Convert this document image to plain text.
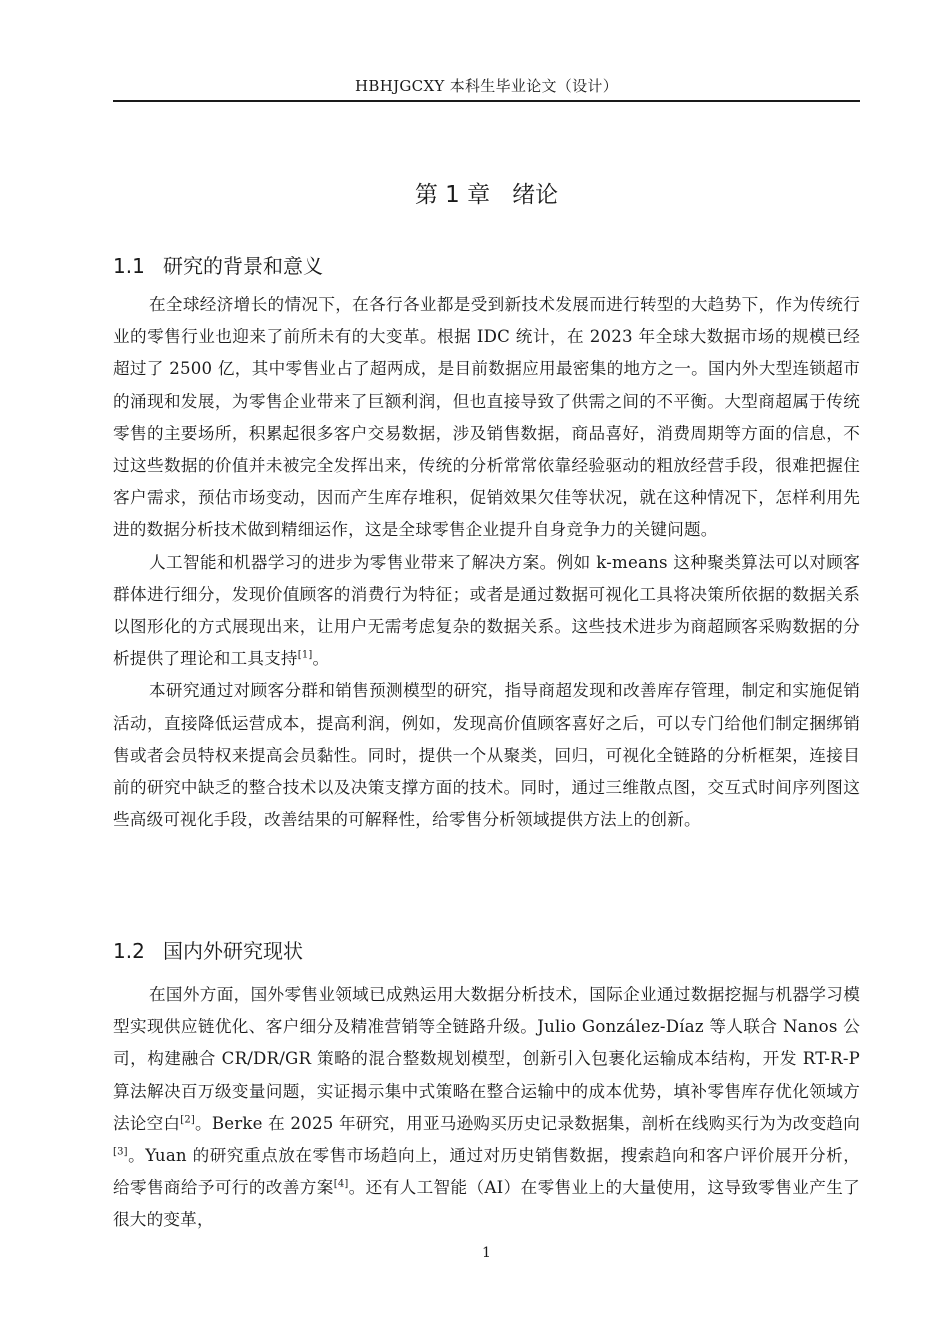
HBHJGCXY 本科生毕业论文（设计）
第 1 章 绪论
1.1 研究的背景和意义

在全球经济增长的情况下，在各行各业都是受到新技术发展而进行转型的大趋势下，作为传统行业的零售行业也迎来了前所未有的大变革。根据 IDC 统计，在 2023 年全球大数据市场的规模已经超过了 2500 亿，其中零售业占了超两成，是目前数据应用最密集的地方之一。国内外大型连锁超市的涌现和发展，为零售企业带来了巨额利润，但也直接导致了供需之间的不平衡。大型商超属于传统零售的主要场所，积累起很多客户交易数据，涉及销售数据，商品喜好，消费周期等方面的信息，不过这些数据的价值并未被完全发挥出来，传统的分析常常依靠经验驱动的粗放经营手段，很难把握住客户需求，预估市场变动，因而产生库存堆积，促销效果欠佳等状况，就在这种情况下，怎样利用先进的数据分析技术做到精细运作，这是全球零售企业提升自身竞争力的关键问题。

人工智能和机器学习的进步为零售业带来了解决方案。例如 k-means 这种聚类算法可以对顾客群体进行细分，发现价值顾客的消费行为特征；或者是通过数据可视化工具将决策所依据的数据关系以图形化的方式展现出来，让用户无需考虑复杂的数据关系。这些技术进步为商超顾客采购数据的分析提供了理论和工具支持[1]。

本研究通过对顾客分群和销售预测模型的研究，指导商超发现和改善库存管理，制定和实施促销活动，直接降低运营成本，提高利润，例如，发现高价值顾客喜好之后，可以专门给他们制定捆绑销售或者会员特权来提高会员黏性。同时，提供一个从聚类，回归，可视化全链路的分析框架，连接目前的研究中缺乏的整合技术以及决策支撑方面的技术。同时，通过三维散点图，交互式时间序列图这些高级可视化手段，改善结果的可解释性，给零售分析领域提供方法上的创新。

1.2 国内外研究现状

在国外方面，国外零售业领域已成熟运用大数据分析技术，国际企业通过数据挖掘与机器学习模型实现供应链优化、客户细分及精准营销等全链路升级。Julio González-Díaz 等人联合 Nanos 公司，构建融合 CR/DR/GR 策略的混合整数规划模型，创新引入包裹化运输成本结构，开发 RT-R-P 算法解决百万级变量问题，实证揭示集中式策略在整合运输中的成本优势，填补零售库存优化领域方法论空白[2]。Berke 在 2025 年研究，用亚马逊购买历史记录数据集，剖析在线购买行为为改变趋向[3]。Yuan 的研究重点放在零售市场趋向上，通过对历史销售数据，搜索趋向和客户评价展开分析，给零售商给予可行的改善方案[4]。还有人工智能（AI）在零售业上的大量使用，这导致零售业产生了很大的变革，

1
